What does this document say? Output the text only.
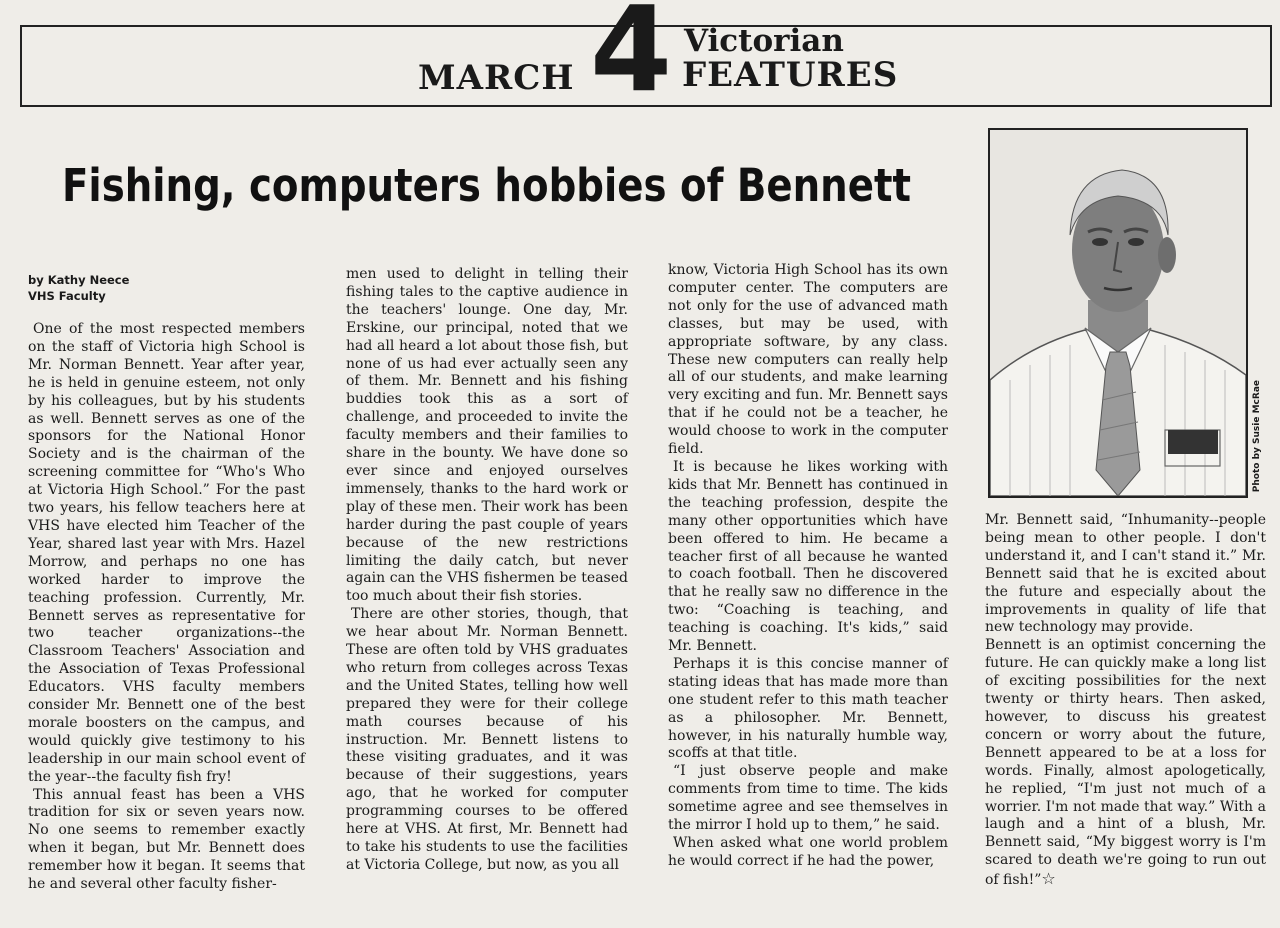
MARCH 4 Victorian
FEATURES
Fishing, computers hobbies of Bennett
by Kathy Neece
VHS Faculty

One of the most respected members on the staff of Victoria high School is Mr. Norman Bennett. Year after year, he is held in genuine esteem, not only by his colleagues, but by his students as well. Bennett serves as one of the sponsors for the National Honor Society and is the chairman of the screening committee for “Who's Who at Victoria High School.” For the past two years, his fellow teachers here at VHS have elected him Teacher of the Year, shared last year with Mrs. Hazel Morrow, and perhaps no one has worked harder to improve the teaching profession. Currently, Mr. Bennett serves as representative for two teacher organizations--the Classroom Teachers' Association and the Association of Texas Professional Educators. VHS faculty members consider Mr. Bennett one of the best morale boosters on the campus, and would quickly give testimony to his leadership in our main school event of the year--the faculty fish fry!

This annual feast has been a VHS tradition for six or seven years now. No one seems to remember exactly when it began, but Mr. Bennett does remember how it began. It seems that he and several other faculty fisher-

men used to delight in telling their fishing tales to the captive audience in the teachers' lounge. One day, Mr. Erskine, our principal, noted that we had all heard a lot about those fish, but none of us had ever actually seen any of them. Mr. Bennett and his fishing buddies took this as a sort of challenge, and proceeded to invite the faculty members and their families to share in the bounty. We have done so ever since and enjoyed ourselves immensely, thanks to the hard work or play of these men. Their work has been harder during the past couple of years because of the new restrictions limiting the daily catch, but never again can the VHS fishermen be teased too much about their fish stories.

There are other stories, though, that we hear about Mr. Norman Bennett. These are often told by VHS graduates who return from colleges across Texas and the United States, telling how well prepared they were for their college math courses because of his instruction. Mr. Bennett listens to these visiting graduates, and it was because of their suggestions, years ago, that he worked for computer programming courses to be offered here at VHS. At first, Mr. Bennett had to take his students to use the facilities at Victoria College, but now, as you all

know, Victoria High School has its own computer center. The computers are not only for the use of advanced math classes, but may be used, with appropriate software, by any class. These new computers can really help all of our students, and make learning very exciting and fun. Mr. Bennett says that if he could not be a teacher, he would choose to work in the computer field.

It is because he likes working with kids that Mr. Bennett has continued in the teaching profession, despite the many other opportunities which have been offered to him. He became a teacher first of all because he wanted to coach football. Then he discovered that he really saw no difference in the two: “Coaching is teaching, and teaching is coaching. It's kids,” said Mr. Bennett.

Perhaps it is this concise manner of stating ideas that has made more than one student refer to this math teacher as a philosopher. Mr. Bennett, however, in his naturally humble way, scoffs at that title.

“I just observe people and make comments from time to time. The kids sometime agree and see themselves in the mirror I hold up to them,” he said.

When asked what one world problem he would correct if he had the power,

Photo by Susie McRae

Mr. Bennett said, “Inhumanity--people being mean to other people. I don't understand it, and I can't stand it.” Mr. Bennett said that he is excited about the future and especially about the improvements in quality of life that new technology may provide.

Bennett is an optimist concerning the future. He can quickly make a long list of exciting possibilities for the next twenty or thirty hears. Then asked, however, to discuss his greatest concern or worry about the future, Bennett appeared to be at a loss for words. Finally, almost apologetically, he replied, “I'm just not much of a worrier. I'm not made that way.” With a laugh and a hint of a blush, Mr. Bennett said, “My biggest worry is I'm scared to death we're going to run out of fish!”☆
